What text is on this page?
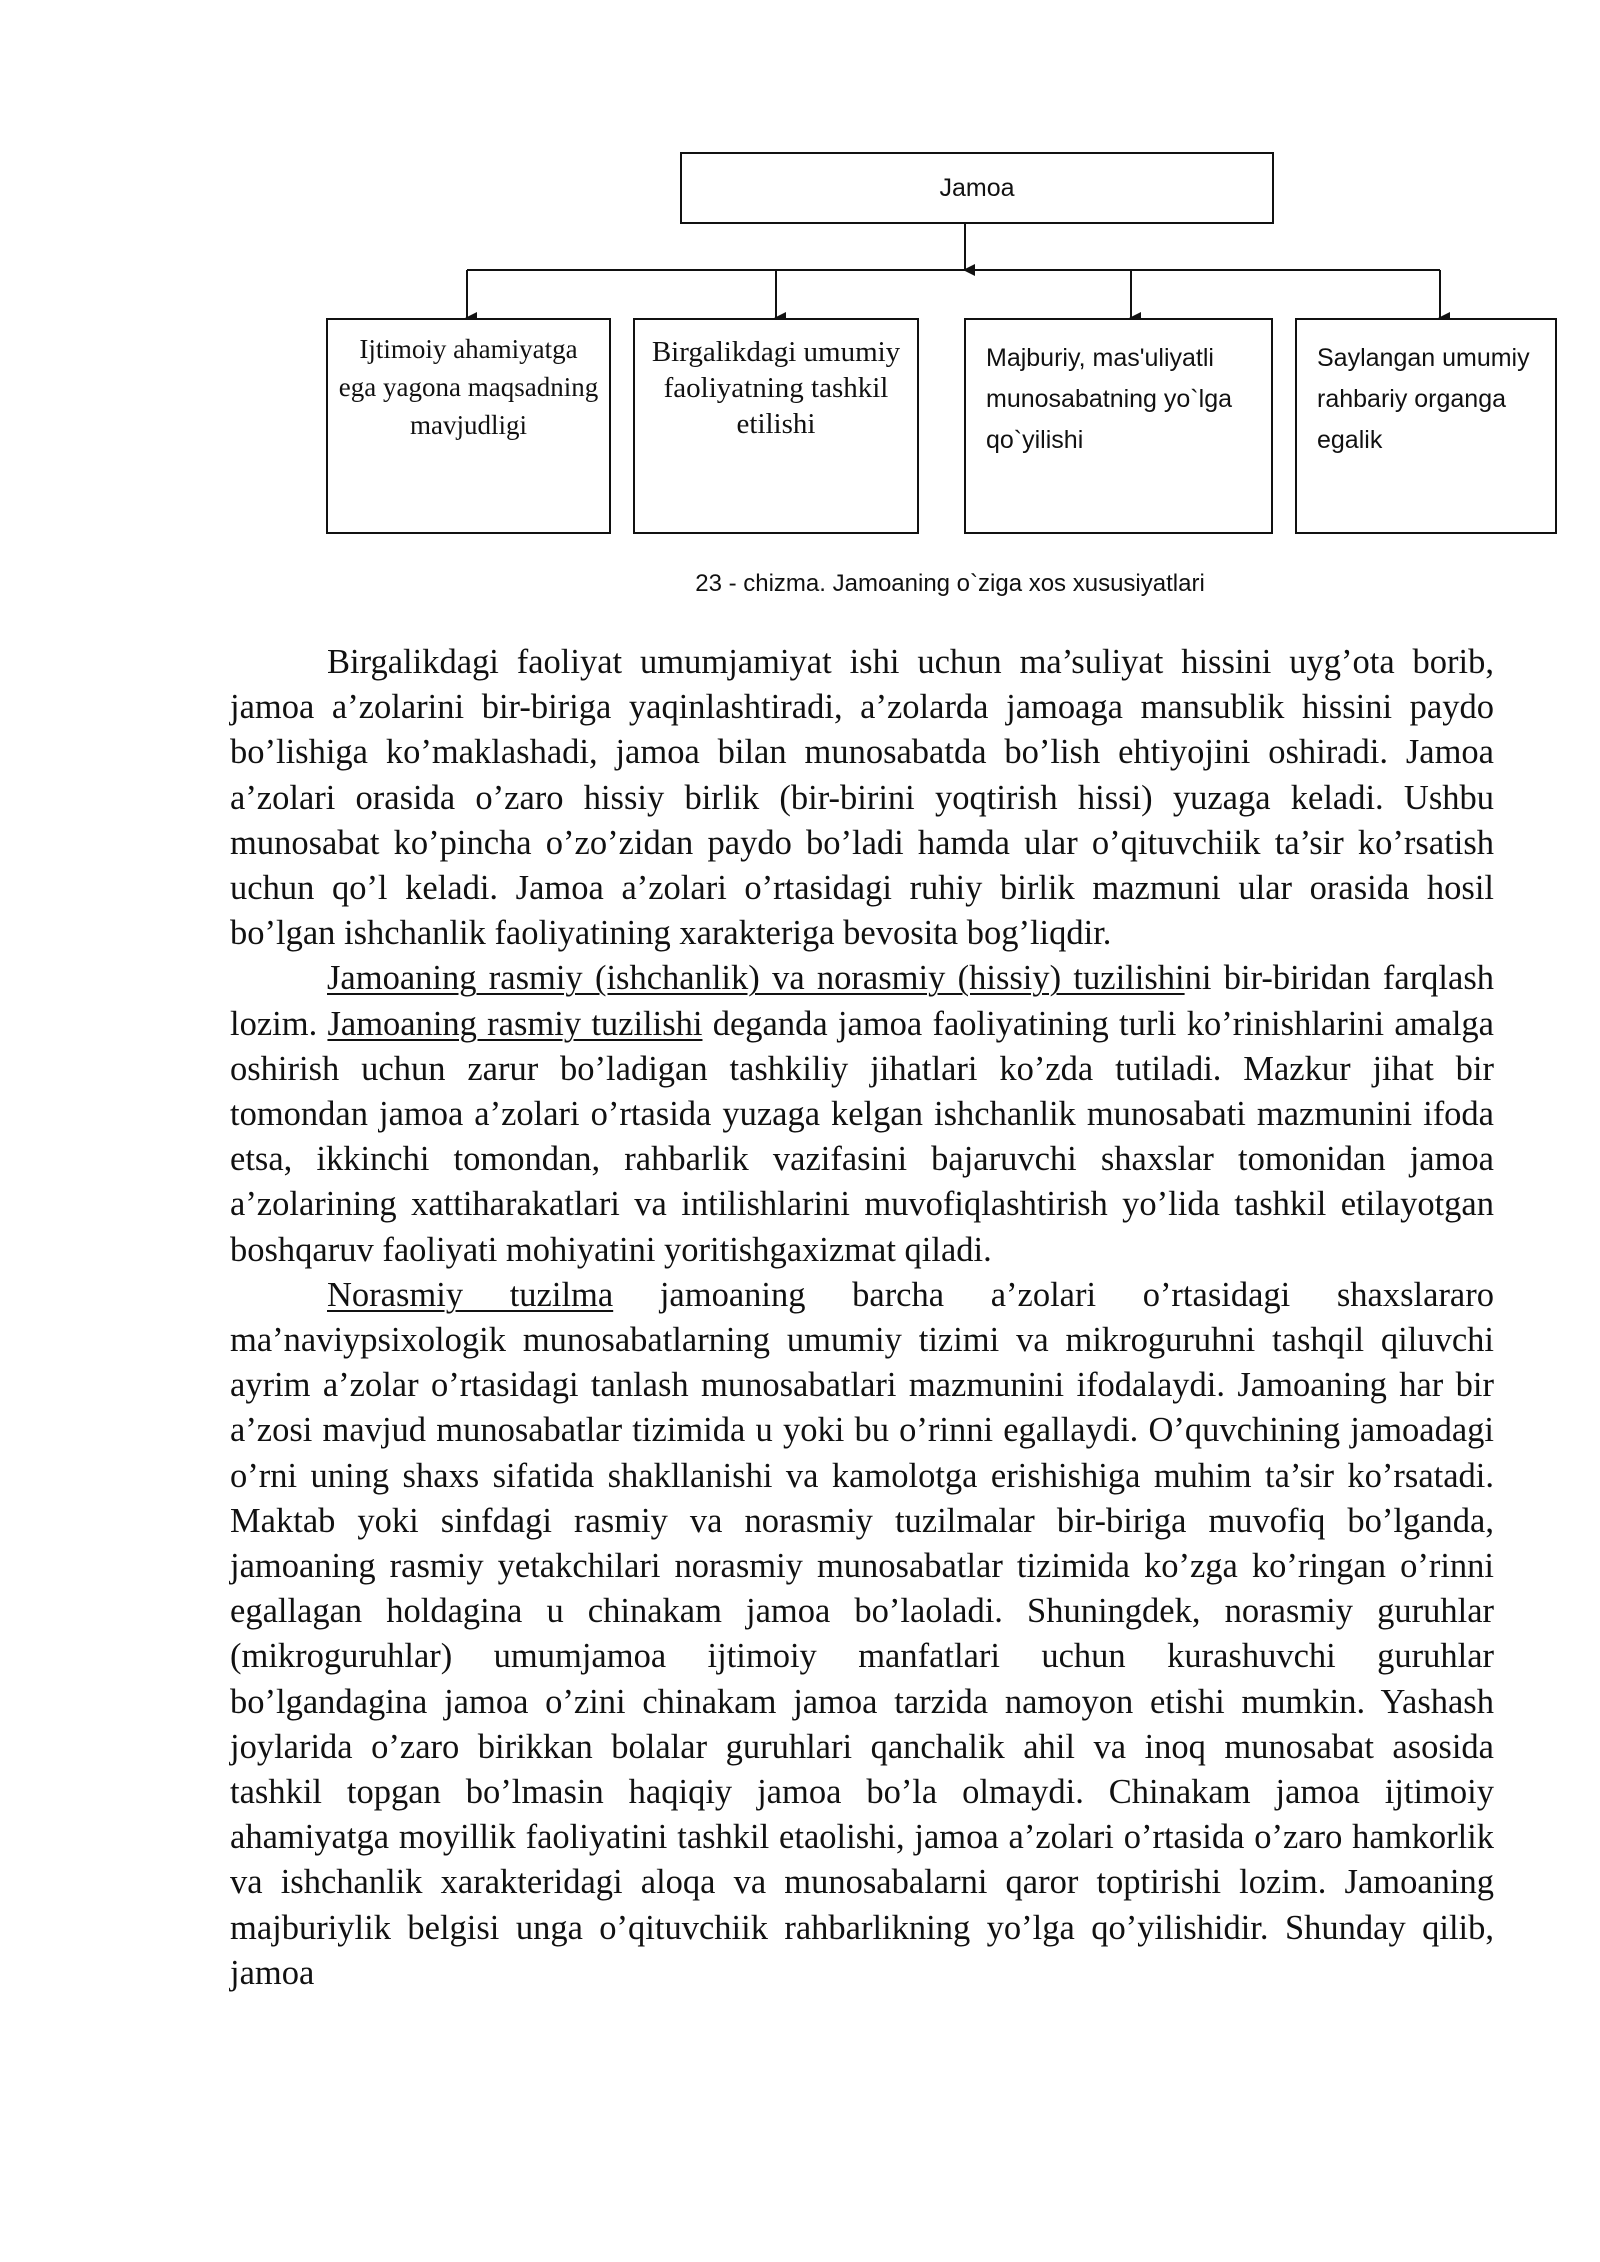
Jamoa
Ijtimoiy ahamiyatga ega yagona maqsadning mavjudligi
Birgalikdagi umumiy faoliyatning tashkil etilishi
Majburiy, mas'uliyatli munosabatning yo`lga qo`yilishi
Saylangan umumiy rahbariy organga egalik
23 - chizma. Jamoaning o`ziga xos xususiyatlari

Birgalikdagi faoliyat umumjamiyat ishi uchun ma’suliyat hissini uyg’ota borib, jamoa a’zolarini bir-biriga yaqinlashtiradi, a’zolarda jamoaga mansublik hissini paydo bo’lishiga ko’maklashadi, jamoa bilan munosabatda bo’lish ehtiyojini oshiradi. Jamoa a’zolari orasida o’zaro hissiy birlik (bir-birini yoqtirish hissi) yuzaga keladi. Ushbu munosabat ko’pincha o’zo’zidan paydo bo’ladi hamda ular o’qituvchiik ta’sir ko’rsatish uchun qo’l keladi. Jamoa a’zolari o’rtasidagi ruhiy birlik mazmuni ular orasida hosil bo’lgan ishchanlik faoliyatining xarakteriga bevosita bog’liqdir.

Jamoaning rasmiy (ishchanlik) va norasmiy (hissiy) tuzilishini bir-biridan farqlash lozim. Jamoaning rasmiy tuzilishi deganda jamoa faoliyatining turli ko’rinishlarini amalga oshirish uchun zarur bo’ladigan tashkiliy jihatlari ko’zda tutiladi. Mazkur jihat bir tomondan jamoa a’zolari o’rtasida yuzaga kelgan ishchanlik munosabati mazmunini ifoda etsa, ikkinchi tomondan, rahbarlik vazifasini bajaruvchi shaxslar tomonidan jamoa a’zolarining xattiharakatlari va intilishlarini muvofiqlashtirish yo’lida tashkil etilayotgan boshqaruv faoliyati mohiyatini yoritishgaxizmat qiladi.

Norasmiy tuzilma jamoaning barcha a’zolari o’rtasidagi shaxslararo ma’naviypsixologik munosabatlarning umumiy tizimi va mikroguruhni tashqil qiluvchi ayrim a’zolar o’rtasidagi tanlash munosabatlari mazmunini ifodalaydi. Jamoaning har bir a’zosi mavjud munosabatlar tizimida u yoki bu o’rinni egallaydi. O’quvchining jamoadagi o’rni uning shaxs sifatida shakllanishi va kamolotga erishishiga muhim ta’sir ko’rsatadi. Maktab yoki sinfdagi rasmiy va norasmiy tuzilmalar bir-biriga muvofiq bo’lganda, jamoaning rasmiy yetakchilari norasmiy munosabatlar tizimida ko’zga ko’ringan o’rinni egallagan holdagina u chinakam jamoa bo’laoladi. Shuningdek, norasmiy guruhlar (mikroguruhlar) umumjamoa ijtimoiy manfatlari uchun kurashuvchi guruhlar bo’lgandagina jamoa o’zini chinakam jamoa tarzida namoyon etishi mumkin. Yashash joylarida o’zaro birikkan bolalar guruhlari qanchalik ahil va inoq munosabat asosida tashkil topgan bo’lmasin haqiqiy jamoa bo’la olmaydi. Chinakam jamoa ijtimoiy ahamiyatga moyillik faoliyatini tashkil etaolishi, jamoa a’zolari o’rtasida o’zaro hamkorlik va ishchanlik xarakteridagi aloqa va munosabalarni qaror toptirishi lozim. Jamoaning majburiylik belgisi unga o’qituvchiik rahbarlikning yo’lga qo’yilishidir. Shunday qilib, jamoa
